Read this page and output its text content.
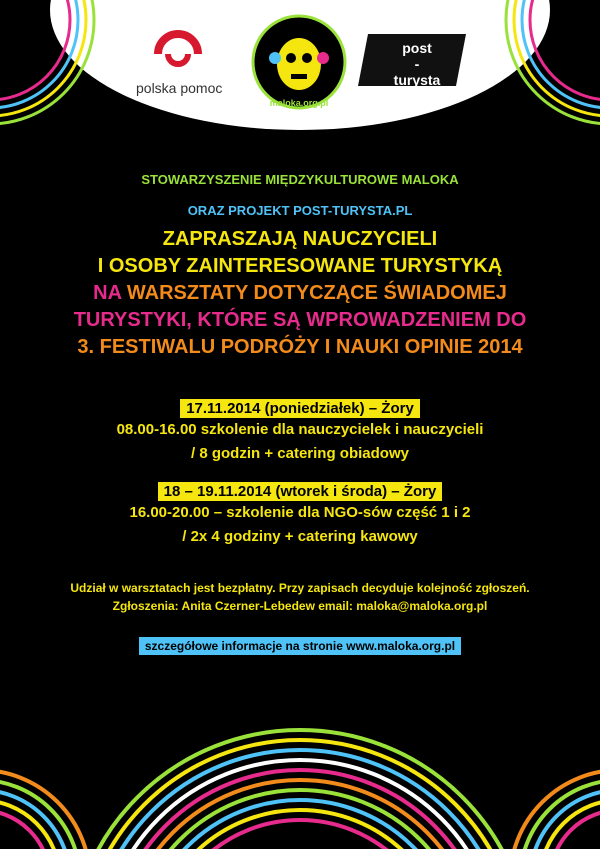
polska pomoc
maloka.org.pl
post
-
turysta
STOWARZYSZENIE MIĘDZYKULTUROWE MALOKA
ORAZ PROJEKT POST-TURYSTA.PL
ZAPRASZAJĄ NAUCZYCIELI
I OSOBY ZAINTERESOWANE TURYSTYKĄ
NA WARSZTATY DOTYCZĄCE ŚWIADOMEJ
TURYSTYKI, KTÓRE SĄ WPROWADZENIEM DO
3. FESTIWALU PODRÓŻY I NAUKI OPINIE 2014
17.11.2014 (poniedziałek) – Żory
08.00-16.00 szkolenie dla nauczycielek i nauczycieli
/ 8 godzin + catering obiadowy
18 – 19.11.2014 (wtorek i środa) – Żory
16.00-20.00 – szkolenie dla NGO-sów część 1 i 2
/ 2x 4 godziny + catering kawowy
Udział w warsztatach jest bezpłatny. Przy zapisach decyduje kolejność zgłoszeń.
Zgłoszenia: Anita Czerner-Lebedew email: maloka@maloka.org.pl
szczegółowe informacje na stronie www.maloka.org.pl
